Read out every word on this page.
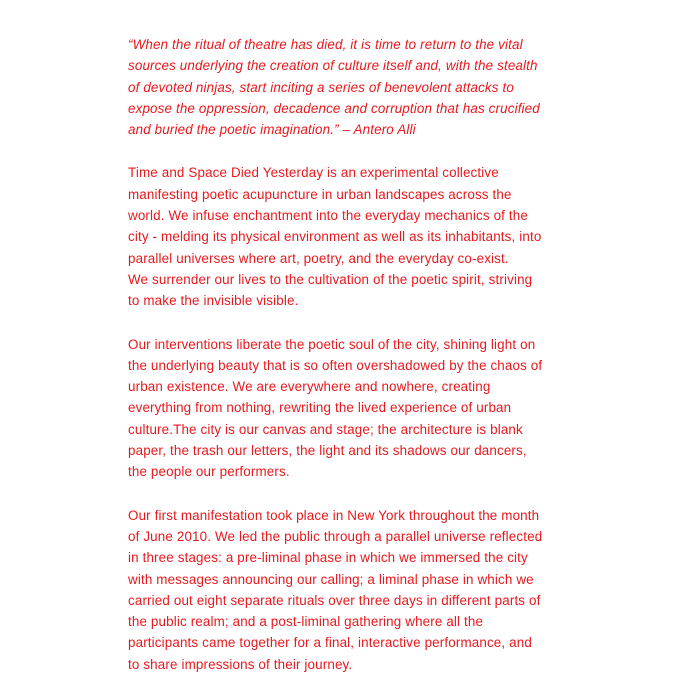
“When the ritual of theatre has died, it is time to return to the vital
sources underlying the creation of culture itself and, with the stealth
of devoted ninjas, start inciting a series of benevolent attacks to
expose the oppression, decadence and corruption that has crucified
and buried the poetic imagination.” – Antero Alli

Time and Space Died Yesterday is an experimental collective
manifesting poetic acupuncture in urban landscapes across the
world. We infuse enchantment into the everyday mechanics of the
city - melding its physical environment as well as its inhabitants, into
parallel universes where art, poetry, and the everyday co-exist.
We surrender our lives to the cultivation of the poetic spirit, striving
to make the invisible visible.

Our interventions liberate the poetic soul of the city, shining light on
the underlying beauty that is so often overshadowed by the chaos of
urban existence. We are everywhere and nowhere, creating
everything from nothing, rewriting the lived experience of urban
culture.The city is our canvas and stage; the architecture is blank
paper, the trash our letters, the light and its shadows our dancers,
the people our performers.

Our first manifestation took place in New York throughout the month
of June 2010. We led the public through a parallel universe reflected
in three stages: a pre-liminal phase in which we immersed the city
with messages announcing our calling; a liminal phase in which we
carried out eight separate rituals over three days in different parts of
the public realm; and a post-liminal gathering where all the
participants came together for a final, interactive performance, and
to share impressions of their journey.
